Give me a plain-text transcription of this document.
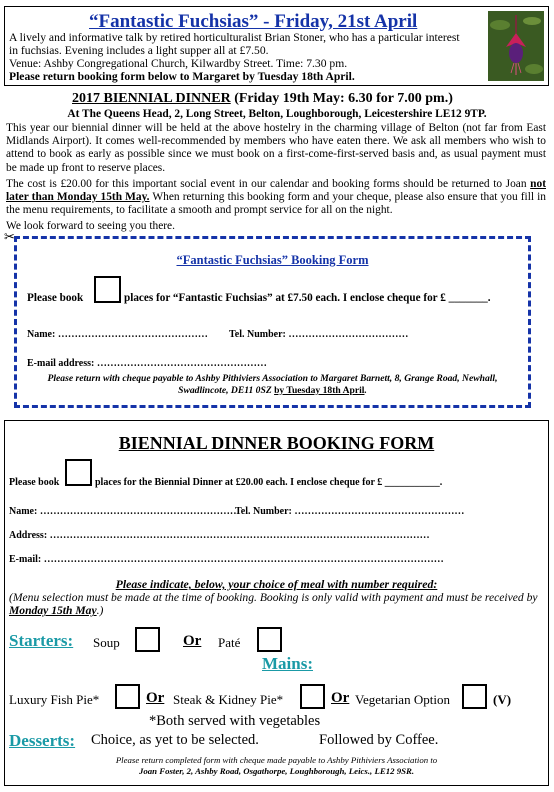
“Fantastic Fuchsias” - Friday, 21st April
A lively and informative talk by retired horticulturalist Brian Stoner, who has a particular interest
in fuchsias. Evening includes a light supper all at £7.50.
Venue: Ashby Congregational Church, Kilwardby Street. Time: 7.30 pm.
Please return booking form below to Margaret by Tuesday 18th April.
2017 BIENNIAL DINNER (Friday 19th May: 6.30 for 7.00 pm.)
At The Queens Head, 2, Long Street, Belton, Loughborough, Leicestershire LE12 9TP.
This year our biennial dinner will be held at the above hostelry in the charming village of Belton (not far from East Midlands Airport). It comes well-recommended by members who have eaten there. We ask all members who wish to attend to book as early as possible since we must book on a first-come-first-served basis and, as usual payment must be made up front to reserve places.
The cost is £20.00 for this important social event in our calendar and booking forms should be returned to Joan not later than Monday 15th May. When returning this booking form and your cheque, please also ensure that you fill in the menu requirements, to facilitate a smooth and prompt service for all on the night.
We look forward to seeing you there.
✂
“Fantastic Fuchsias” Booking Form
Please book	places for “Fantastic Fuchsias” at £7.50 each. I enclose cheque for £ _______.
Name: ……………………………………… Tel. Number: ………………………………
E-mail address: ……………………………………………
Please return with cheque payable to Ashby Pithiviers Association to Margaret Barnett, 8, Grange Road, Newhall,
Swadlincote, DE11 0SZ by Tuesday 18th April.
BIENNIAL DINNER BOOKING FORM
Please book	places for the Biennial Dinner at £20.00 each. I enclose cheque for £ ___________.
Name: ……………………………………………………
Tel. Number: ……………………………………………
Address: ……………………………………………………………………………………………………
E-mail: …………………………………………………………………………………………………………
Please indicate, below, your choice of meal with number required:
(Menu selection must be made at the time of booking. Booking is only valid with payment and must be received by Monday 15th May.)
Starters: Soup	Or Paté
Mains:
Luxury Fish Pie*	Or Steak & Kidney Pie*	Or Vegetarian Option	(V)
*Both served with vegetables
Desserts: Choice, as yet to be selected.	Followed by Coffee.
Please return completed form with cheque made payable to Ashby Pithiviers Association to
Joan Foster, 2, Ashby Road, Osgathorpe, Loughborough, Leics., LE12 9SR.
